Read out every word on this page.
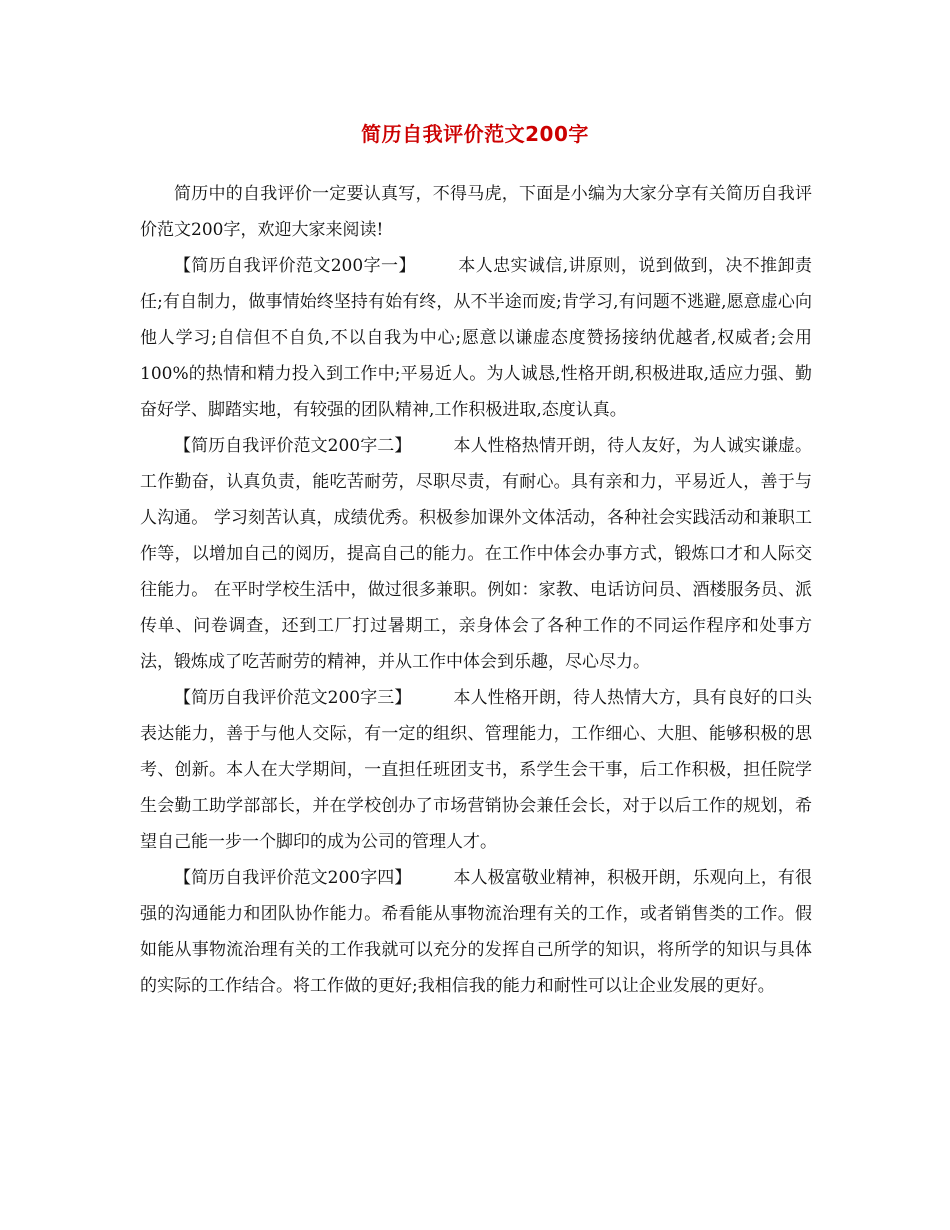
简历自我评价范文200字

简历中的自我评价一定要认真写，不得马虎，下面是小编为大家分享有关简历自我评价范文200字，欢迎大家来阅读!

【简历自我评价范文200字一】 本人忠实诚信,讲原则，说到做到，决不推卸责任;有自制力，做事情始终坚持有始有终，从不半途而废;肯学习,有问题不逃避,愿意虚心向他人学习;自信但不自负,不以自我为中心;愿意以谦虚态度赞扬接纳优越者,权威者;会用100%的热情和精力投入到工作中;平易近人。为人诚恳,性格开朗,积极进取,适应力强、勤奋好学、脚踏实地，有较强的团队精神,工作积极进取,态度认真。

【简历自我评价范文200字二】 本人性格热情开朗，待人友好，为人诚实谦虚。工作勤奋，认真负责，能吃苦耐劳，尽职尽责，有耐心。具有亲和力，平易近人，善于与人沟通。 学习刻苦认真，成绩优秀。积极参加课外文体活动，各种社会实践活动和兼职工作等，以增加自己的阅历，提高自己的能力。在工作中体会办事方式，锻炼口才和人际交往能力。 在平时学校生活中，做过很多兼职。例如：家教、电话访问员、酒楼服务员、派传单、问卷调查，还到工厂打过暑期工，亲身体会了各种工作的不同运作程序和处事方法，锻炼成了吃苦耐劳的精神，并从工作中体会到乐趣，尽心尽力。

【简历自我评价范文200字三】 本人性格开朗，待人热情大方，具有良好的口头表达能力，善于与他人交际，有一定的组织、管理能力，工作细心、大胆、能够积极的思考、创新。本人在大学期间，一直担任班团支书，系学生会干事，后工作积极，担任院学生会勤工助学部部长，并在学校创办了市场营销协会兼任会长，对于以后工作的规划，希望自己能一步一个脚印的成为公司的管理人才。

【简历自我评价范文200字四】 本人极富敬业精神，积极开朗，乐观向上，有很强的沟通能力和团队协作能力。希看能从事物流治理有关的工作，或者销售类的工作。假如能从事物流治理有关的工作我就可以充分的发挥自己所学的知识，将所学的知识与具体的实际的工作结合。将工作做的更好;我相信我的能力和耐性可以让企业发展的更好。
